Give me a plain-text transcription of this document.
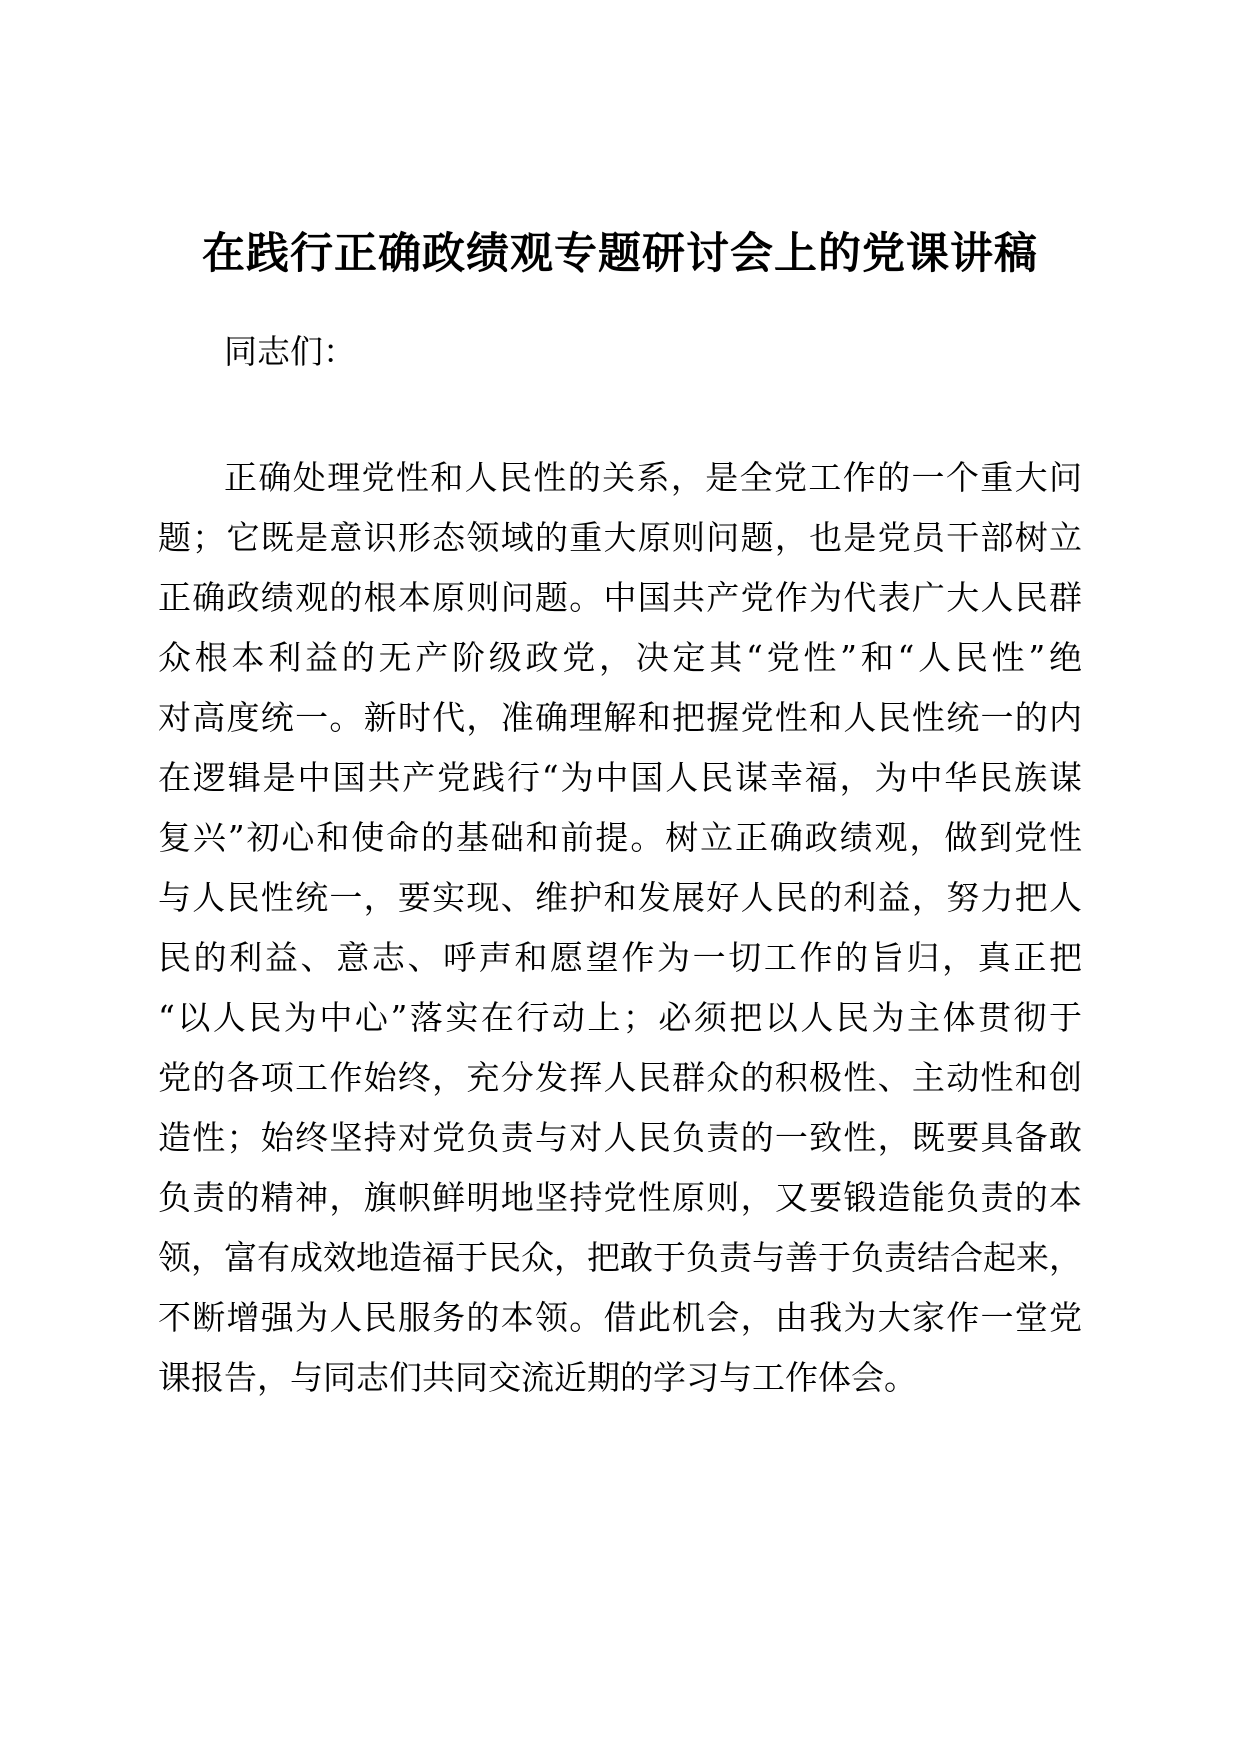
在践行正确政绩观专题研讨会上的党课讲稿

同志们：

正确处理党性和人民性的关系，是全党工作的一个重大问
题；它既是意识形态领域的重大原则问题，也是党员干部树立
正确政绩观的根本原则问题。中国共产党作为代表广大人民群
众根本利益的无产阶级政党，决定其“党性”和“人民性”绝
对高度统一。新时代，准确理解和把握党性和人民性统一的内
在逻辑是中国共产党践行“为中国人民谋幸福，为中华民族谋
复兴”初心和使命的基础和前提。树立正确政绩观，做到党性
与人民性统一，要实现、维护和发展好人民的利益，努力把人
民的利益、意志、呼声和愿望作为一切工作的旨归，真正把
“以人民为中心”落实在行动上；必须把以人民为主体贯彻于
党的各项工作始终，充分发挥人民群众的积极性、主动性和创
造性；始终坚持对党负责与对人民负责的一致性，既要具备敢
负责的精神，旗帜鲜明地坚持党性原则，又要锻造能负责的本
领，富有成效地造福于民众，把敢于负责与善于负责结合起来，
不断增强为人民服务的本领。借此机会，由我为大家作一堂党
课报告，与同志们共同交流近期的学习与工作体会。
